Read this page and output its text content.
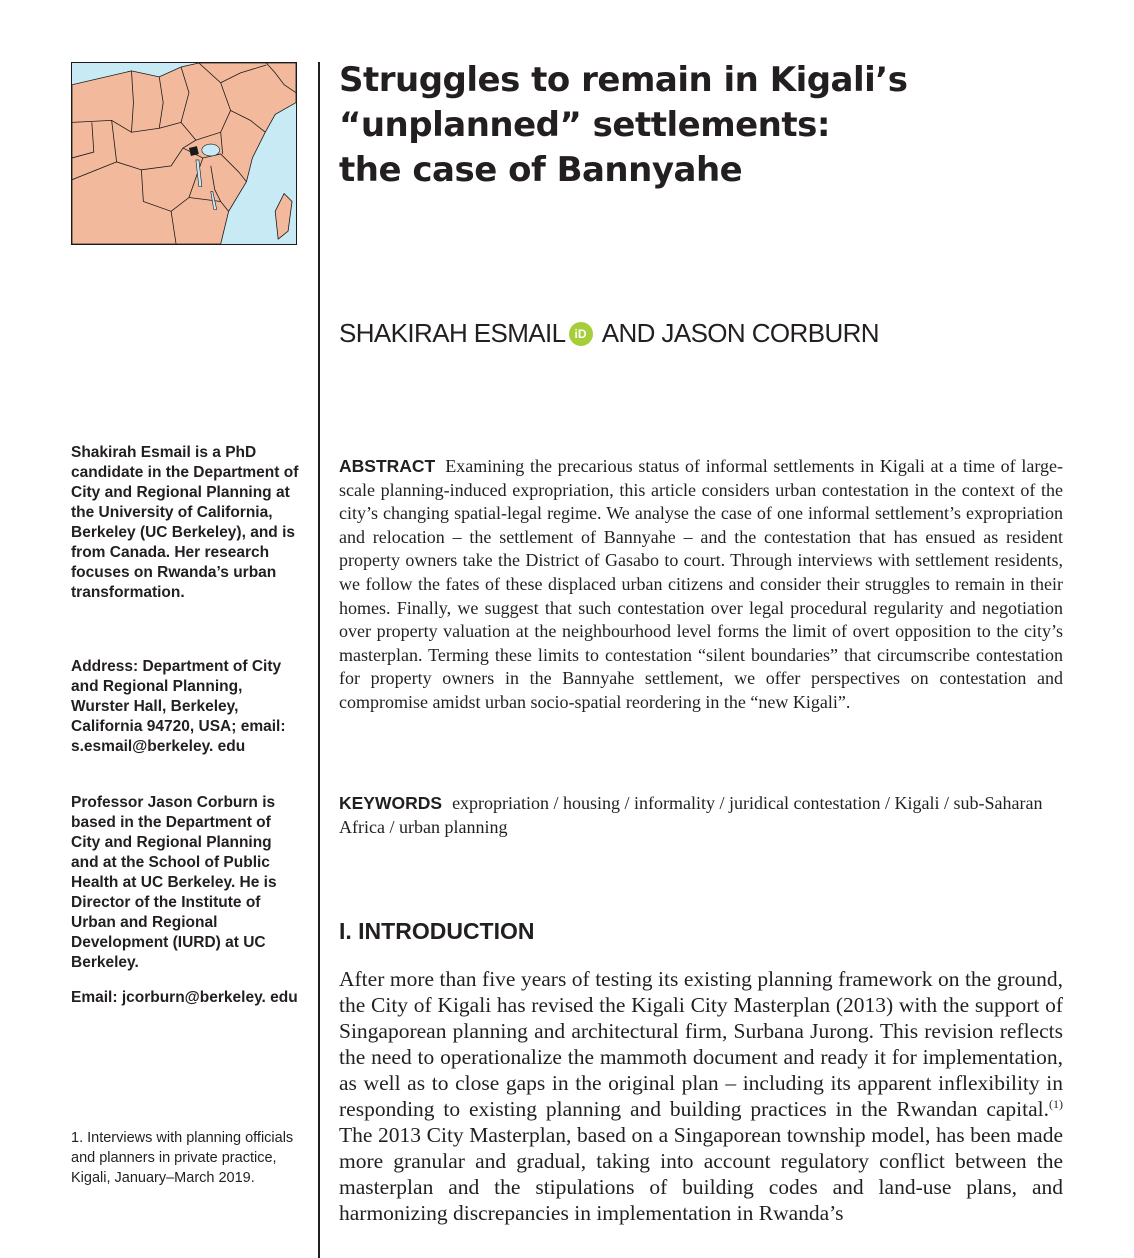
Struggles to remain in Kigali’s
“unplanned” settlements:
the case of Bannyahe
SHAKIRAH ESMAIL iD AND JASON CORBURN

Shakirah Esmail is a PhD candidate in the Department of City and Regional Planning at the University of California, Berkeley (UC Berkeley), and is from Canada. Her research focuses on Rwanda’s urban transformation.

Address: Department of City and Regional Planning, Wurster Hall, Berkeley, California 94720, USA; email: s.esmail@berkeley. edu

Professor Jason Corburn is based in the Department of City and Regional Planning and at the School of Public Health at UC Berkeley. He is Director of the Institute of Urban and Regional Development (IURD) at UC Berkeley.

Email: jcorburn@berkeley. edu

1. Interviews with planning officials and planners in private practice, Kigali, January–March 2019.

ABSTRACT Examining the precarious status of informal settlements in Kigali at a time of large-scale planning-induced expropriation, this article considers urban contestation in the context of the city’s changing spatial-legal regime. We analyse the case of one informal settlement’s expropriation and relocation – the settlement of Bannyahe – and the contestation that has ensued as resident property owners take the District of Gasabo to court. Through interviews with settlement residents, we follow the fates of these displaced urban citizens and consider their struggles to remain in their homes. Finally, we suggest that such contestation over legal procedural regularity and negotiation over property valuation at the neighbourhood level forms the limit of overt opposition to the city’s masterplan. Terming these limits to contestation “silent boundaries” that circumscribe contestation for property owners in the Bannyahe settlement, we offer perspectives on contestation and compromise amidst urban socio-spatial reordering in the “new Kigali”.

KEYWORDS expropriation / housing / informality / juridical contestation / Kigali / sub-Saharan Africa / urban planning

I. INTRODUCTION

After more than five years of testing its existing planning framework on the ground, the City of Kigali has revised the Kigali City Masterplan (2013) with the support of Singaporean planning and architectural firm, Surbana Jurong. This revision reflects the need to operationalize the mammoth document and ready it for implementation, as well as to close gaps in the original plan – including its apparent inflexibility in responding to existing planning and building practices in the Rwandan capital.$^{(1)}$ The 2013 City Masterplan, based on a Singaporean township model, has been made more granular and gradual, taking into account regulatory conflict between the masterplan and the stipulations of building codes and land-use plans, and harmonizing discrepancies in implementation in Rwanda’s
